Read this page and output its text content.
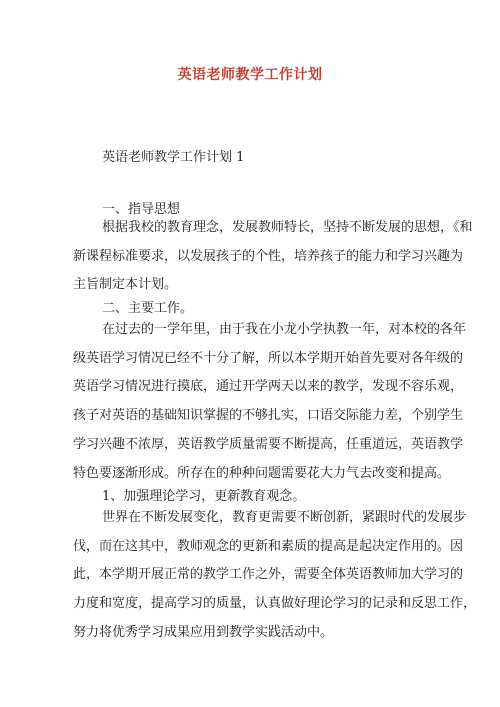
英语老师教学工作计划
英语老师教学工作计划 1
一、指导思想
根据我校的教育理念，发展教师特长，坚持不断发展的思想，《和
新课程标准要求，以发展孩子的个性，培养孩子的能力和学习兴趣为
主旨制定本计划。
二、主要工作。
在过去的一学年里，由于我在小龙小学执教一年，对本校的各年
级英语学习情况已经不十分了解，所以本学期开始首先要对各年级的
英语学习情况进行摸底，通过开学两天以来的教学，发现不容乐观，
孩子对英语的基础知识掌握的不够扎实，口语交际能力差，个别学生
学习兴趣不浓厚，英语教学质量需要不断提高，任重道远，英语教学
特色要逐渐形成。所存在的种种问题需要花大力气去改变和提高。
1、加强理论学习，更新教育观念。
世界在不断发展变化，教育更需要不断创新，紧跟时代的发展步
伐，而在这其中，教师观念的更新和素质的提高是起决定作用的。因
此，本学期开展正常的教学工作之外，需要全体英语教师加大学习的
力度和宽度，提高学习的质量，认真做好理论学习的记录和反思工作，
努力将优秀学习成果应用到教学实践活动中。
